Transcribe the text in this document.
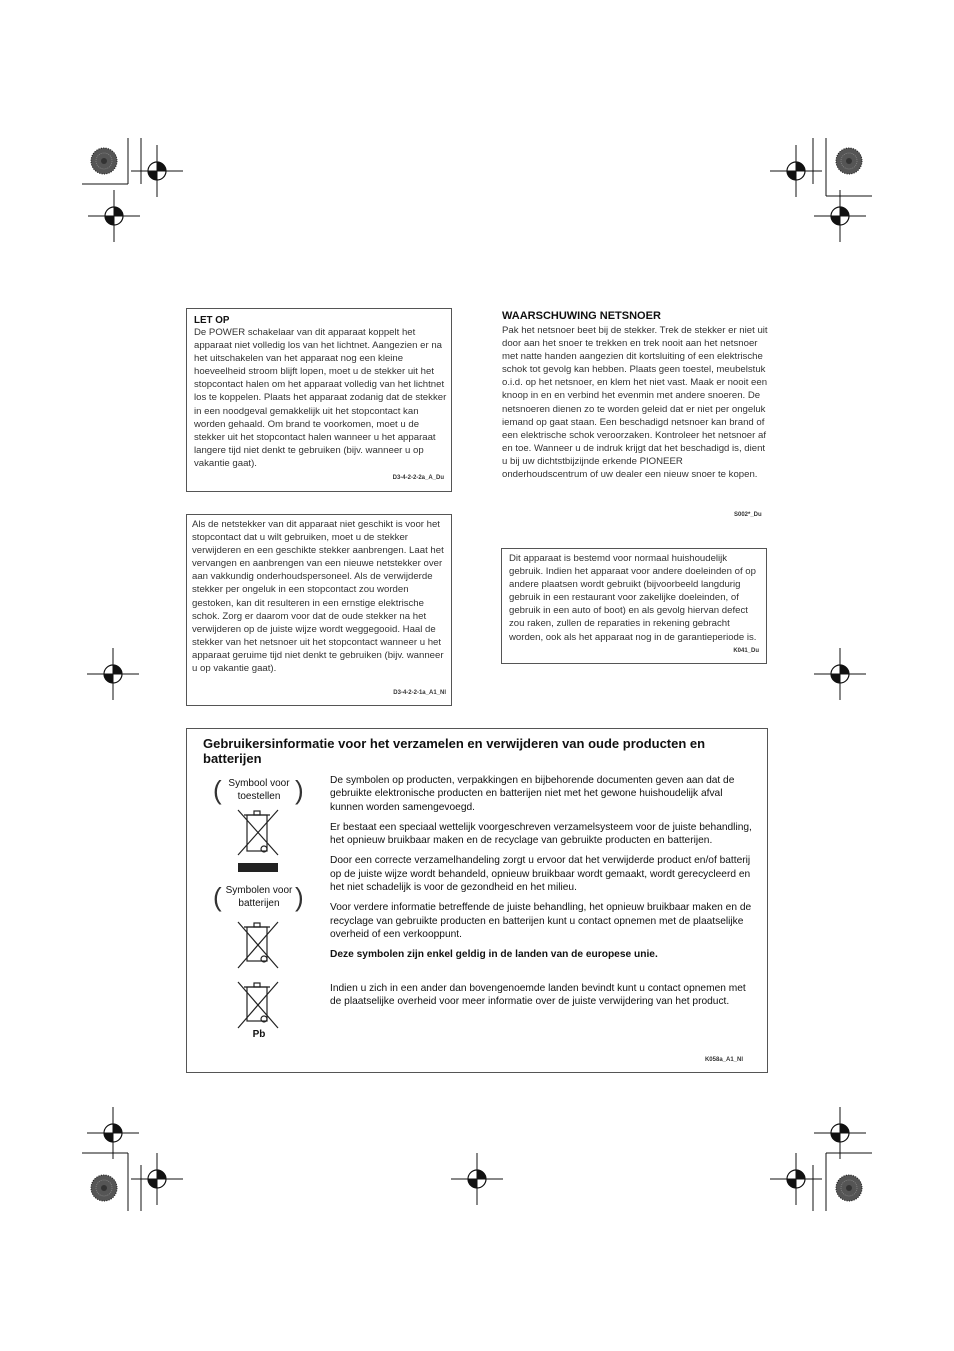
LET OP

De POWER schakelaar van dit apparaat koppelt het apparaat niet volledig los van het lichtnet. Aangezien er na het uitschakelen van het apparaat nog een kleine hoeveelheid stroom blijft lopen, moet u de stekker uit het stopcontact halen om het apparaat volledig van het lichtnet los te koppelen. Plaats het apparaat zodanig dat de stekker in een noodgeval gemakkelijk uit het stopcontact kan worden gehaald. Om brand te voorkomen, moet u de stekker uit het stopcontact halen wanneer u het apparaat langere tijd niet denkt te gebruiken (bijv. wanneer u op vakantie gaat).

D3-4-2-2-2a_A_Du

Als de netstekker van dit apparaat niet geschikt is voor het stopcontact dat u wilt gebruiken, moet u de stekker verwijderen en een geschikte stekker aanbrengen. Laat het vervangen en aanbrengen van een nieuwe netstekker over aan vakkundig onderhoudspersoneel. Als de verwijderde stekker per ongeluk in een stopcontact zou worden gestoken, kan dit resulteren in een ernstige elektrische schok. Zorg er daarom voor dat de oude stekker na het verwijderen op de juiste wijze wordt weggegooid. Haal de stekker van het netsnoer uit het stopcontact wanneer u het apparaat geruime tijd niet denkt te gebruiken (bijv. wanneer u op vakantie gaat).

D3-4-2-2-1a_A1_Nl

WAARSCHUWING NETSNOER

Pak het netsnoer beet bij de stekker. Trek de stekker er niet uit door aan het snoer te trekken en trek nooit aan het netsnoer met natte handen aangezien dit kortsluiting of een elektrische schok tot gevolg kan hebben. Plaats geen toestel, meubelstuk o.i.d. op het netsnoer, en klem het niet vast. Maak er nooit een knoop in en en verbind het evenmin met andere snoeren. De netsnoeren dienen zo te worden geleid dat er niet per ongeluk iemand op gaat staan. Een beschadigd netsnoer kan brand of een elektrische schok veroorzaken. Kontroleer het netsnoer af en toe. Wanneer u de indruk krijgt dat het beschadigd is, dient u bij uw dichtstbijzijnde erkende PIONEER onderhoudscentrum of uw dealer een nieuw snoer te kopen.

S002*_Du

Dit apparaat is bestemd voor normaal huishoudelijk gebruik. Indien het apparaat voor andere doeleinden of op andere plaatsen wordt gebruikt (bijvoorbeeld langdurig gebruik in een restaurant voor zakelijke doeleinden, of gebruik in een auto of boot) en als gevolg hiervan defect zou raken, zullen de reparaties in rekening gebracht worden, ook als het apparaat nog in de garantieperiode is.

K041_Du

Gebruikersinformatie voor het verzamelen en verwijderen van oude producten en batterijen

( Symbool voor toestellen )
( Symbolen voor batterijen )
Pb

De symbolen op producten, verpakkingen en bijbehorende documenten geven aan dat de gebruikte elektronische producten en batterijen niet met het gewone huishoudelijk afval kunnen worden samengevoegd.

Er bestaat een speciaal wettelijk voorgeschreven verzamelsysteem voor de juiste behandling, het opnieuw bruikbaar maken en de recyclage van gebruikte producten en batterijen.

Door een correcte verzamelhandeling zorgt u ervoor dat het verwijderde product en/of batterij op de juiste wijze wordt behandeld, opnieuw bruikbaar wordt gemaakt, wordt gerecycleerd en het niet schadelijk is voor de gezondheid en het milieu.

Voor verdere informatie betreffende de juiste behandling, het opnieuw bruikbaar maken en de recyclage van gebruikte producten en batterijen kunt u contact opnemen met de plaatselijke overheid of een verkooppunt.

Deze symbolen zijn enkel geldig in de landen van de europese unie.

Indien u zich in een ander dan bovengenoemde landen bevindt kunt u contact opnemen met de plaatselijke overheid voor meer informatie over de juiste verwijdering van het product.

K058a_A1_Nl
